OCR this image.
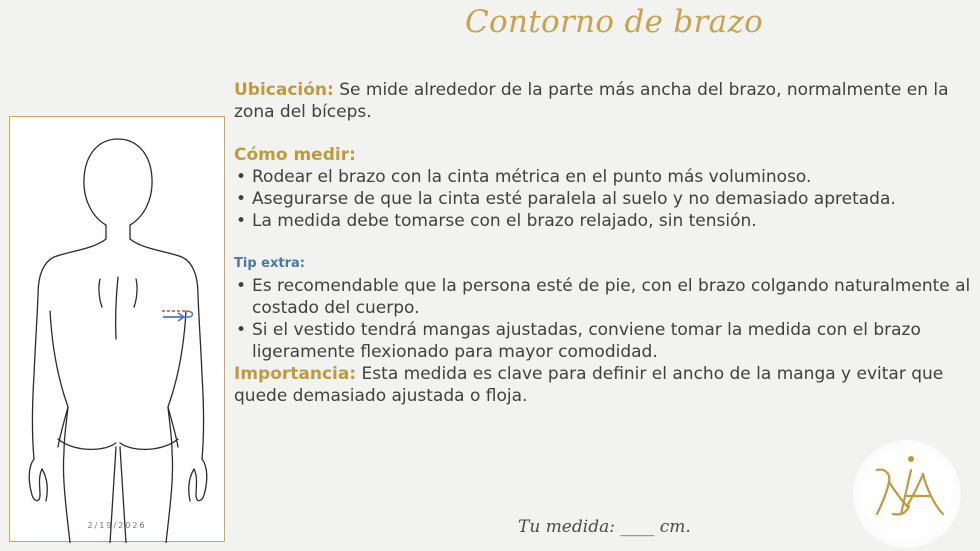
Contorno de brazo
2/19/2026

Ubicación: Se mide alrededor de la parte más ancha del brazo, normalmente en la zona del bíceps.

Cómo medir:

• Rodear el brazo con la cinta métrica en el punto más voluminoso.
• Asegurarse de que la cinta esté paralela al suelo y no demasiado apretada.
• La medida debe tomarse con el brazo relajado, sin tensión.

Tip extra:

• Es recomendable que la persona esté de pie, con el brazo colgando naturalmente al costado del cuerpo.
• Si el vestido tendrá mangas ajustadas, conviene tomar la medida con el brazo ligeramente flexionado para mayor comodidad.

Importancia: Esta medida es clave para definir el ancho de la manga y evitar que quede demasiado ajustada o floja.

Tu medida: ____ cm.
